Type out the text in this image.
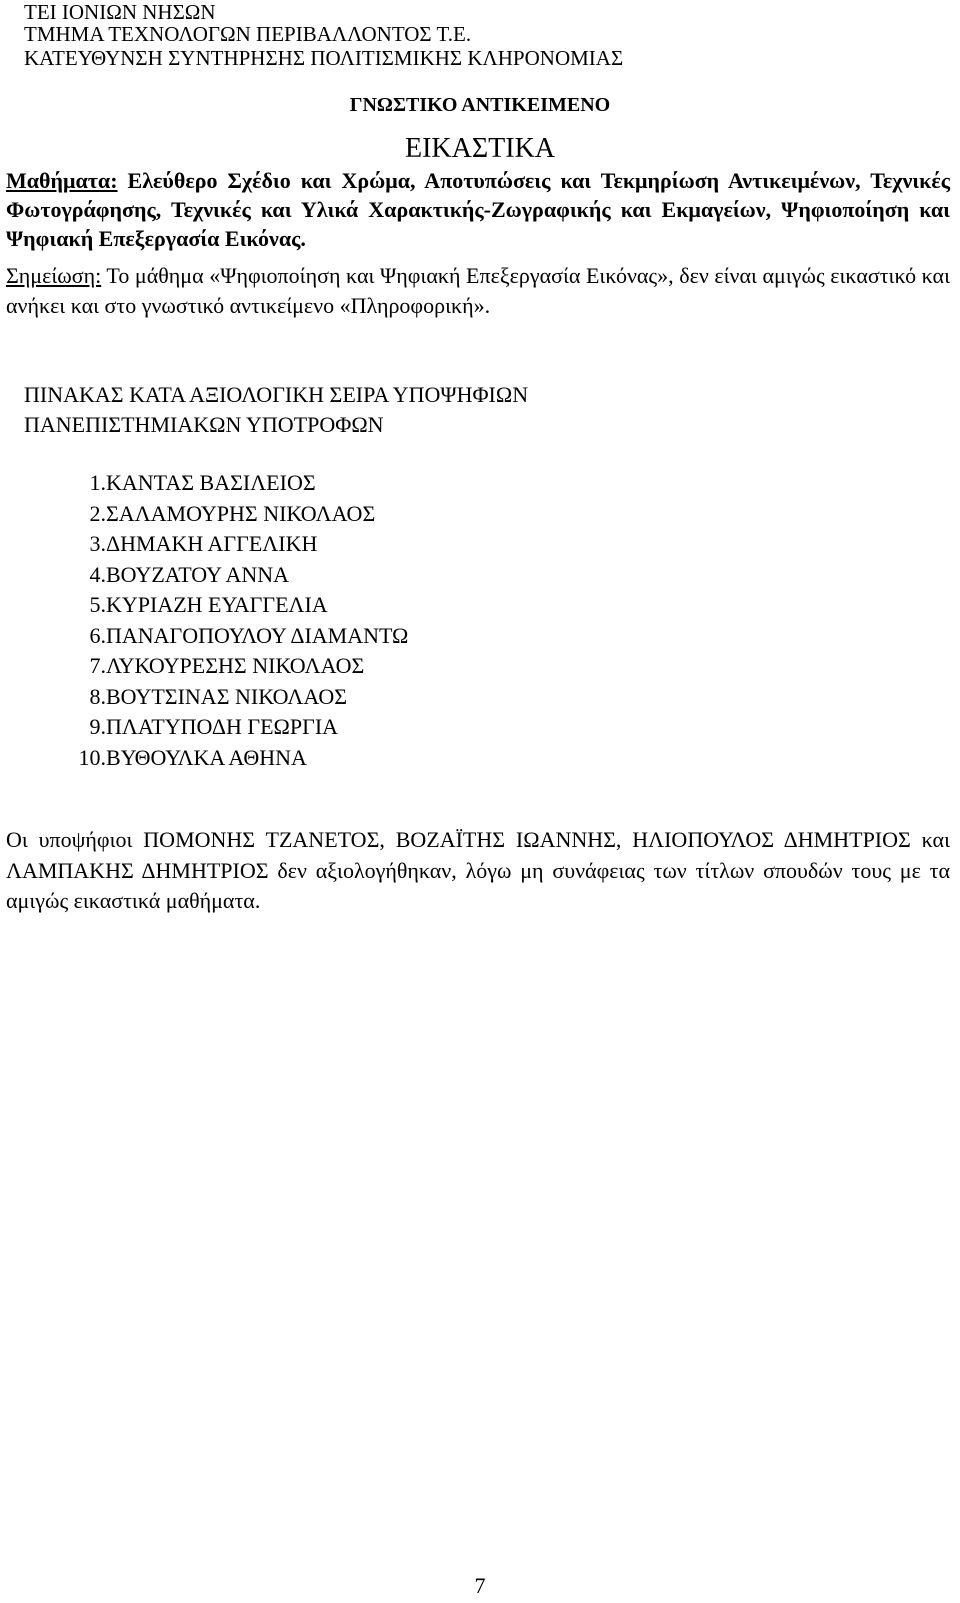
ΤΕΙ ΙΟΝΙΩΝ ΝΗΣΩΝ
ΤΜΗΜΑ ΤΕΧΝΟΛΟΓΩΝ ΠΕΡΙΒΑΛΛΟΝΤΟΣ Τ.Ε.
ΚΑΤΕΥΘΥΝΣΗ ΣΥΝΤΗΡΗΣΗΣ ΠΟΛΙΤΙΣΜΙΚΗΣ ΚΛΗΡΟΝΟΜΙΑΣ
ΓΝΩΣΤΙΚΟ ΑΝΤΙΚΕΙΜΕΝΟ
ΕΙΚΑΣΤΙΚΑ
Μαθήματα: Ελεύθερο Σχέδιο και Χρώμα, Αποτυπώσεις και Τεκμηρίωση Αντικειμένων, Τεχνικές Φωτογράφησης, Τεχνικές και Υλικά Χαρακτικής-Ζωγραφικής και Εκμαγείων, Ψηφιοποίηση και Ψηφιακή Επεξεργασία Εικόνας.
Σημείωση: Το μάθημα «Ψηφιοποίηση και Ψηφιακή Επεξεργασία Εικόνας», δεν είναι αμιγώς εικαστικό και ανήκει και στο γνωστικό αντικείμενο «Πληροφορική».
ΠΙΝΑΚΑΣ ΚΑΤΑ ΑΞΙΟΛΟΓΙΚΗ ΣΕΙΡΑ ΥΠΟΨΗΦΙΩΝ
ΠΑΝΕΠΙΣΤΗΜΙΑΚΩΝ ΥΠΟΤΡΟΦΩΝ
1. ΚΑΝΤΑΣ ΒΑΣΙΛΕΙΟΣ
2. ΣΑΛΑΜΟΥΡΗΣ ΝΙΚΟΛΑΟΣ
3. ΔΗΜΑΚΗ ΑΓΓΕΛΙΚΗ
4. ΒΟΥΖΑΤΟΥ ΑΝΝΑ
5. ΚΥΡΙΑΖΗ ΕΥΑΓΓΕΛΙΑ
6. ΠΑΝΑΓΟΠΟΥΛΟΥ ΔΙΑΜΑΝΤΩ
7. ΛΥΚΟΥΡΕΣΗΣ ΝΙΚΟΛΑΟΣ
8. ΒΟΥΤΣΙΝΑΣ ΝΙΚΟΛΑΟΣ
9. ΠΛΑΤΥΠΟΔΗ ΓΕΩΡΓΙΑ
10. ΒΥΘΟΥΛΚΑ ΑΘΗΝΑ
Οι υποψήφιοι ΠΟΜΟΝΗΣ ΤΖΑΝΕΤΟΣ, ΒΟΖΑΪΤΗΣ ΙΩΑΝΝΗΣ, ΗΛΙΟΠΟΥΛΟΣ ΔΗΜΗΤΡΙΟΣ και ΛΑΜΠΑΚΗΣ ΔΗΜΗΤΡΙΟΣ δεν αξιολογήθηκαν, λόγω μη συνάφειας των τίτλων σπουδών τους με τα αμιγώς εικαστικά μαθήματα.
7
